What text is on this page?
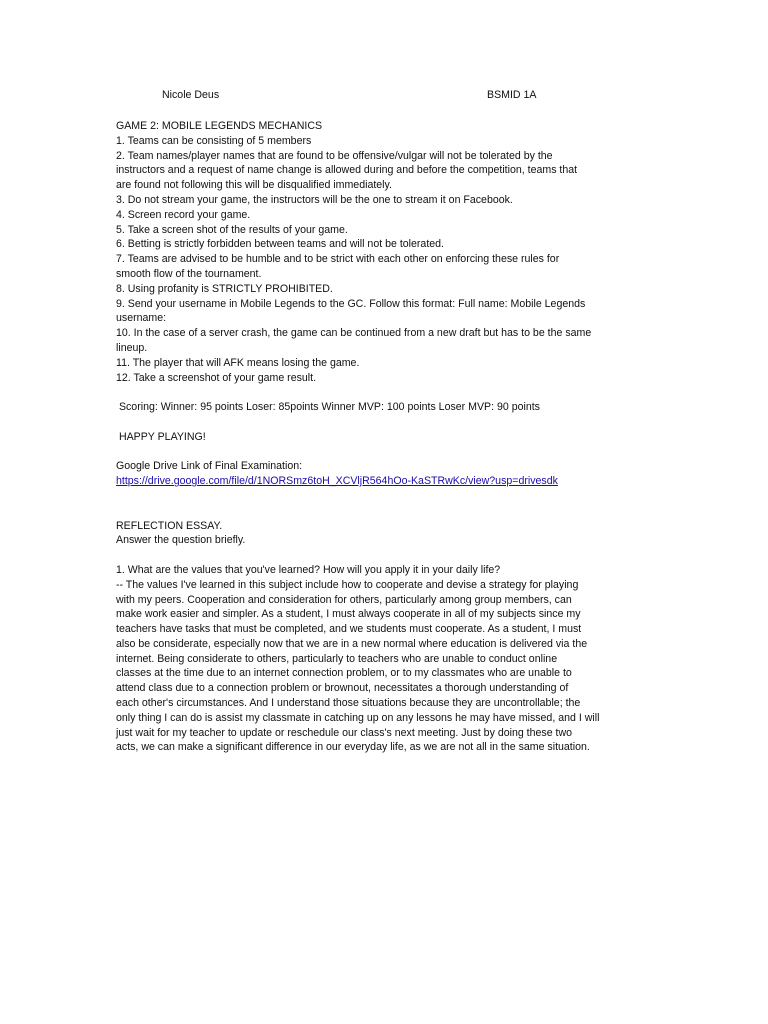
Nicole Deus	BSMID 1A
GAME 2: MOBILE LEGENDS MECHANICS
1. Teams can be consisting of 5 members
2. Team names/player names that are found to be offensive/vulgar will not be tolerated by the
instructors and a request of name change is allowed during and before the competition, teams that
are found not following this will be disqualified immediately.
3. Do not stream your game, the instructors will be the one to stream it on Facebook.
4. Screen record your game.
5. Take a screen shot of the results of your game.
6. Betting is strictly forbidden between teams and will not be tolerated.
7. Teams are advised to be humble and to be strict with each other on enforcing these rules for
smooth flow of the tournament.
8. Using profanity is STRICTLY PROHIBITED.
9. Send your username in Mobile Legends to the GC. Follow this format: Full name: Mobile Legends
username:
10. In the case of a server crash, the game can be continued from a new draft but has to be the same
lineup.
11. The player that will AFK means losing the game.
12. Take a screenshot of your game result.
Scoring: Winner: 95 points Loser: 85points Winner MVP: 100 points Loser MVP: 90 points
HAPPY PLAYING!
Google Drive Link of Final Examination:
https://drive.google.com/file/d/1NORSmz6toH_XCVljR564hOo-KaSTRwKc/view?usp=drivesdk
REFLECTION ESSAY.
Answer the question briefly.
1. What are the values that you've learned? How will you apply it in your daily life?
-- The values I've learned in this subject include how to cooperate and devise a strategy for playing
with my peers. Cooperation and consideration for others, particularly among group members, can
make work easier and simpler. As a student, I must always cooperate in all of my subjects since my
teachers have tasks that must be completed, and we students must cooperate. As a student, I must
also be considerate, especially now that we are in a new normal where education is delivered via the
internet. Being considerate to others, particularly to teachers who are unable to conduct online
classes at the time due to an internet connection problem, or to my classmates who are unable to
attend class due to a connection problem or brownout, necessitates a thorough understanding of
each other's circumstances. And I understand those situations because they are uncontrollable; the
only thing I can do is assist my classmate in catching up on any lessons he may have missed, and I will
just wait for my teacher to update or reschedule our class's next meeting. Just by doing these two
acts, we can make a significant difference in our everyday life, as we are not all in the same situation.
